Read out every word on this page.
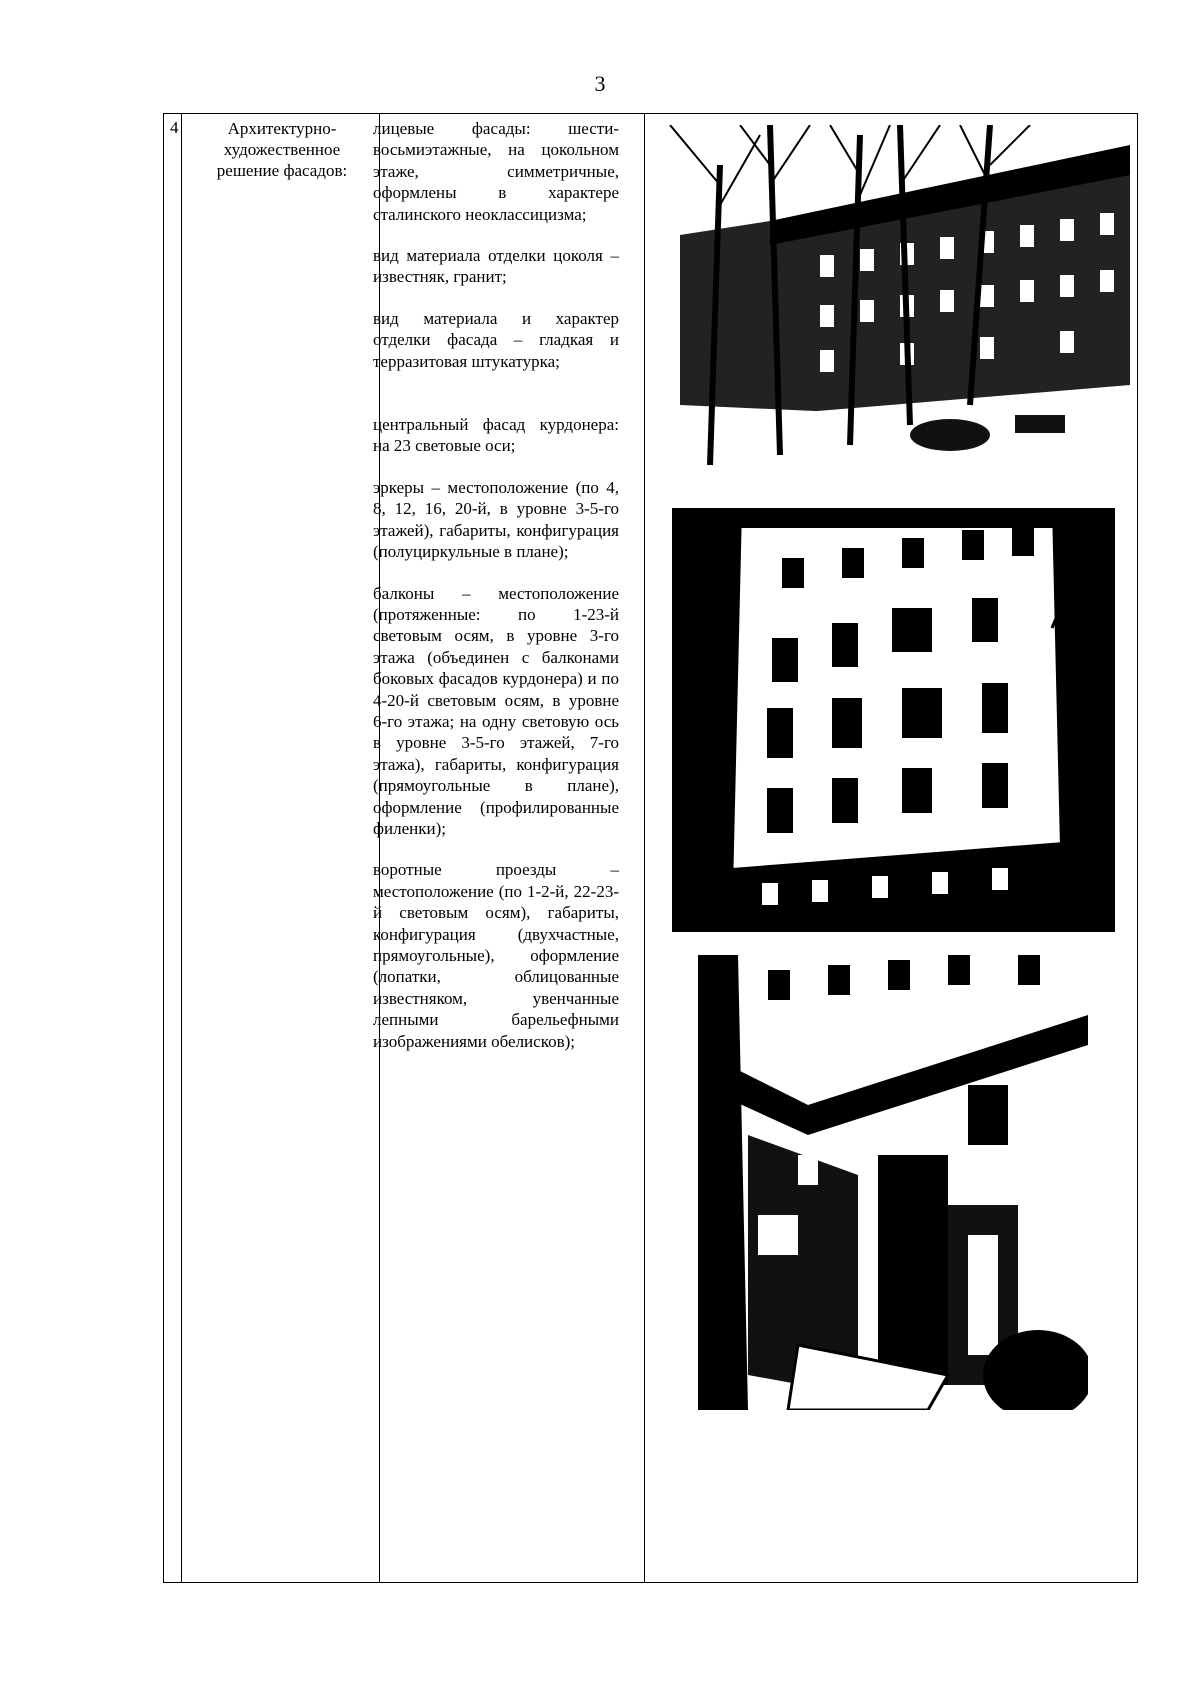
3
4	Архитектурно-художественное решение фасадов:

лицевые фасады: шести-восьмиэтажные, на цокольном этаже, симметричные, оформлены в характере сталинского неоклассицизма;

вид материала отделки цоколя – известняк, гранит;

вид материала и характер отделки фасада – гладкая и терразитовая штукатурка;

центральный фасад курдонера: на 23 световые оси;

эркеры – местоположение (по 4, 8, 12, 16, 20-й, в уровне 3-5-го этажей), габариты, конфигурация (полуциркульные в плане);

балконы – местоположение (протяженные: по 1-23-й световым осям, в уровне 3-го этажа (объединен с балконами боковых фасадов курдонера) и по 4-20-й световым осям, в уровне 6-го этажа; на одну световую ось в уровне 3-5-го этажей, 7-го этажа), габариты, конфигурация (прямоугольные в плане), оформление (профилированные филенки);

воротные проезды – местоположение (по 1-2-й, 22-23-й световым осям), габариты, конфигурация (двухчастные, прямоугольные), оформление (лопатки, облицованные известняком, увенчанные лепными барельефными изображениями обелисков);
